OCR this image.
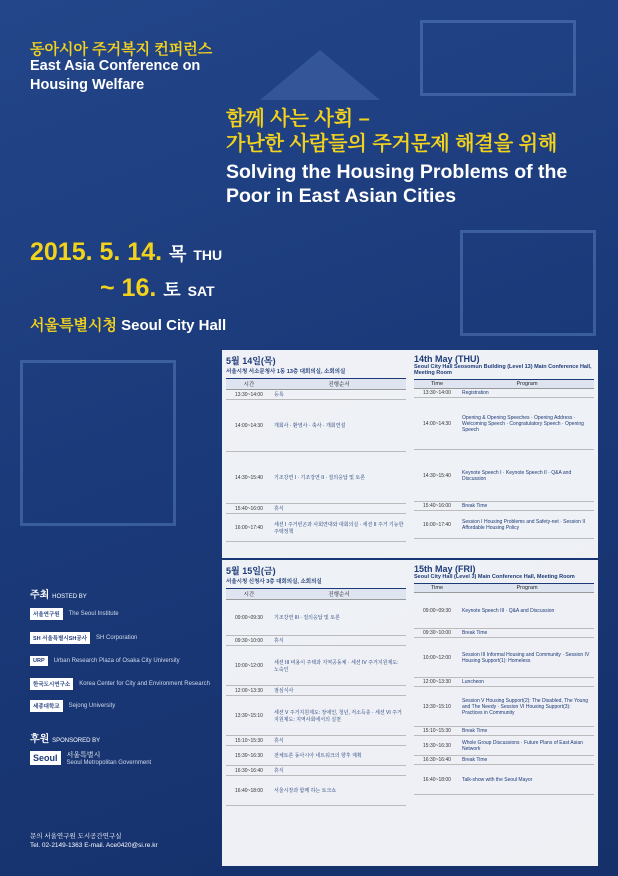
동아시아 주거복지 컨퍼런스
East Asia Conference on Housing Welfare
함께 사는 사회 –
가난한 사람들의 주거문제 해결을 위해
Solving the Housing Problems of the Poor in East Asian Cities
2015. 5. 14. 목 THU
~ 16. 토 SAT
서울특별시청 Seoul City Hall
5월 14일(목)
서울시청 서소문청사 1동 13층 대회의실, 소회의실
시간	진행순서
13:30~14:00	등록
14:00~14:30	개회사 · 환영사 · 축사 · 개회연설
14:30~15:40	기조강연 I · 기조강연 II · 질의응답 및 토론
15:40~16:00	휴식
16:00~17:40	세션 I 주거빈곤과 사회연대와 대회의실 · 세션 II 주거 기능한 주택정책
14th May (THU)
Seoul City Hall Seosomun Building (Level 13) Main Conference Hall, Meeting Room
Time	Program
13:30~14:00	Registration
14:00~14:30	Opening & Opening Speeches · Opening Address · Welcoming Speech · Congratulatory Speech · Opening Speech
14:30~15:40	Keynote Speech I · Keynote Speech II · Q&A and Discussion
15:40~16:00	Break Time
16:00~17:40	Session I Housing Problems and Safety-net · Session II Affordable Housing Policy
5월 15일(금)
서울시청 신청사 3층 대회의실, 소회의실
시간	진행순서
09:00~09:30	기조강연 III · 질의응답 및 토론
09:30~10:00	휴식
10:00~12:00	세션 III 비용이 주택과 지역공동체 · 세션 IV 주거지원제도: 노숙인
12:00~13:30	점심식사
13:30~15:10	세션 V 주거지원제도: 장애인, 청년, 저소득층 · 세션 VI 주거지원제도: 지역사회에서의 실천
15:10~15:30	휴식
15:30~16:30	전체토론 동아시아 네트워크의 향후 계획
16:30~16:40	휴식
16:40~18:00	서울시장과 함께 하는 토크쇼
15th May (FRI)
Seoul City Hall (Level 3) Main Conference Hall, Meeting Room
Time	Program
09:00~09:30	Keynote Speech III · Q&A and Discussion
09:30~10:00	Break Time
10:00~12:00	Session III Informal Housing and Community · Session IV Housing Support(1): Homeless
12:00~13:30	Luncheon
13:30~15:10	Session V Housing Support(2): The Disabled, The Young and The Needy · Session VI Housing Support(3): Practices in Community
15:10~15:30	Break Time
15:30~16:30	Whole Group Discussions · Future Plans of East Asian Network
16:30~16:40	Break Time
16:40~18:00	Talk-show with the Seoul Mayor
주최 HOSTED BY
서울연구원	The Seoul Institute
SH 서울특별시SH공사	SH Corporation
URP	Urban Research Plaza of Osaka City University
한국도시연구소	Korea Center for City and Environment Research
세종대학교	Sejong University
후원 SPONSORED BY
Seoul	서울특별시
Seoul Metropolitan Government
문의 서울연구원 도시공간연구실
Tel. 02-2149-1363 E-mail. Ace0420@si.re.kr
